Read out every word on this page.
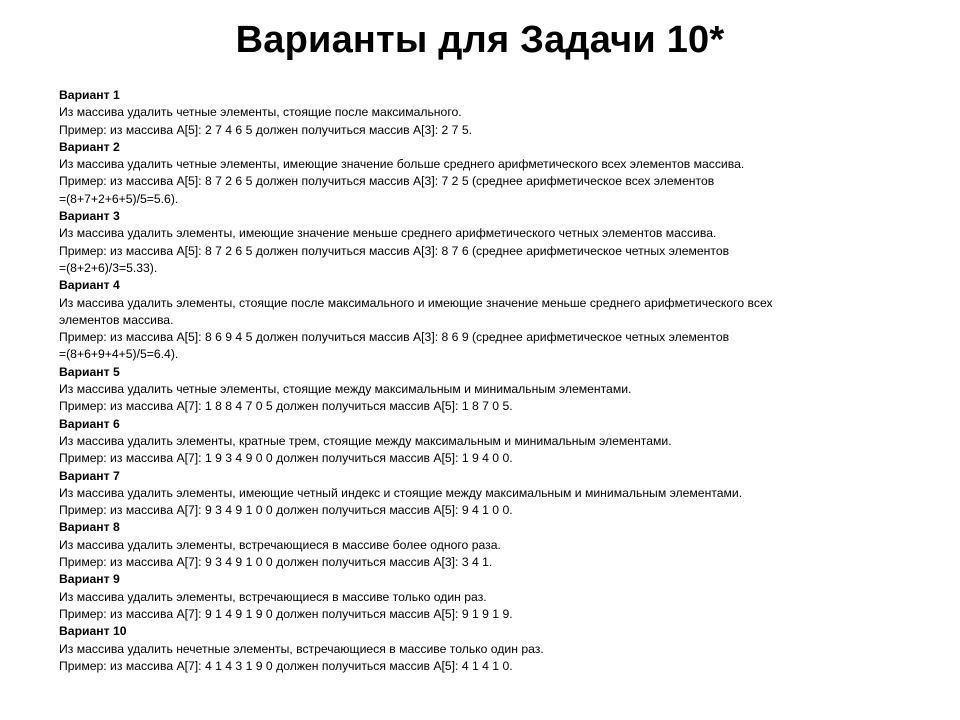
Варианты для Задачи 10*
Вариант 1
Из массива удалить четные элементы, стоящие после максимального.
Пример: из массива A[5]: 2 7 4 6 5 должен получиться массив A[3]: 2 7 5.
Вариант 2
Из массива удалить четные элементы, имеющие значение больше среднего арифметического всех элементов массива.
Пример: из массива A[5]: 8 7 2 6 5 должен получиться массив A[3]: 7 2 5 (среднее арифметическое всех элементов
=(8+7+2+6+5)/5=5.6).
Вариант 3
Из массива удалить элементы, имеющие значение меньше среднего арифметического четных элементов массива.
Пример: из массива A[5]: 8 7 2 6 5 должен получиться массив A[3]: 8 7 6 (среднее арифметическое четных элементов
=(8+2+6)/3=5.33).
Вариант 4
Из массива удалить элементы, стоящие после максимального и имеющие значение меньше среднего арифметического всех
элементов массива.
Пример: из массива A[5]: 8 6 9 4 5 должен получиться массив A[3]: 8 6 9 (среднее арифметическое четных элементов
=(8+6+9+4+5)/5=6.4).
Вариант 5
Из массива удалить четные элементы, стоящие между максимальным и минимальным элементами.
Пример: из массива A[7]: 1 8 8 4 7 0 5 должен получиться массив A[5]: 1 8 7 0 5.
Вариант 6
Из массива удалить элементы, кратные трем, стоящие между максимальным и минимальным элементами.
Пример: из массива A[7]: 1 9 3 4 9 0 0 должен получиться массив A[5]: 1 9 4 0 0.
Вариант 7
Из массива удалить элементы, имеющие четный индекс и стоящие между максимальным и минимальным элементами.
Пример: из массива A[7]: 9 3 4 9 1 0 0 должен получиться массив A[5]: 9 4 1 0 0.
Вариант 8
Из массива удалить элементы, встречающиеся в массиве более одного раза.
Пример: из массива A[7]: 9 3 4 9 1 0 0 должен получиться массив A[3]: 3 4 1.
Вариант 9
Из массива удалить элементы, встречающиеся в массиве только один раз.
Пример: из массива A[7]: 9 1 4 9 1 9 0 должен получиться массив A[5]: 9 1 9 1 9.
Вариант 10
Из массива удалить нечетные элементы, встречающиеся в массиве только один раз.
Пример: из массива A[7]: 4 1 4 3 1 9 0 должен получиться массив A[5]: 4 1 4 1 0.
